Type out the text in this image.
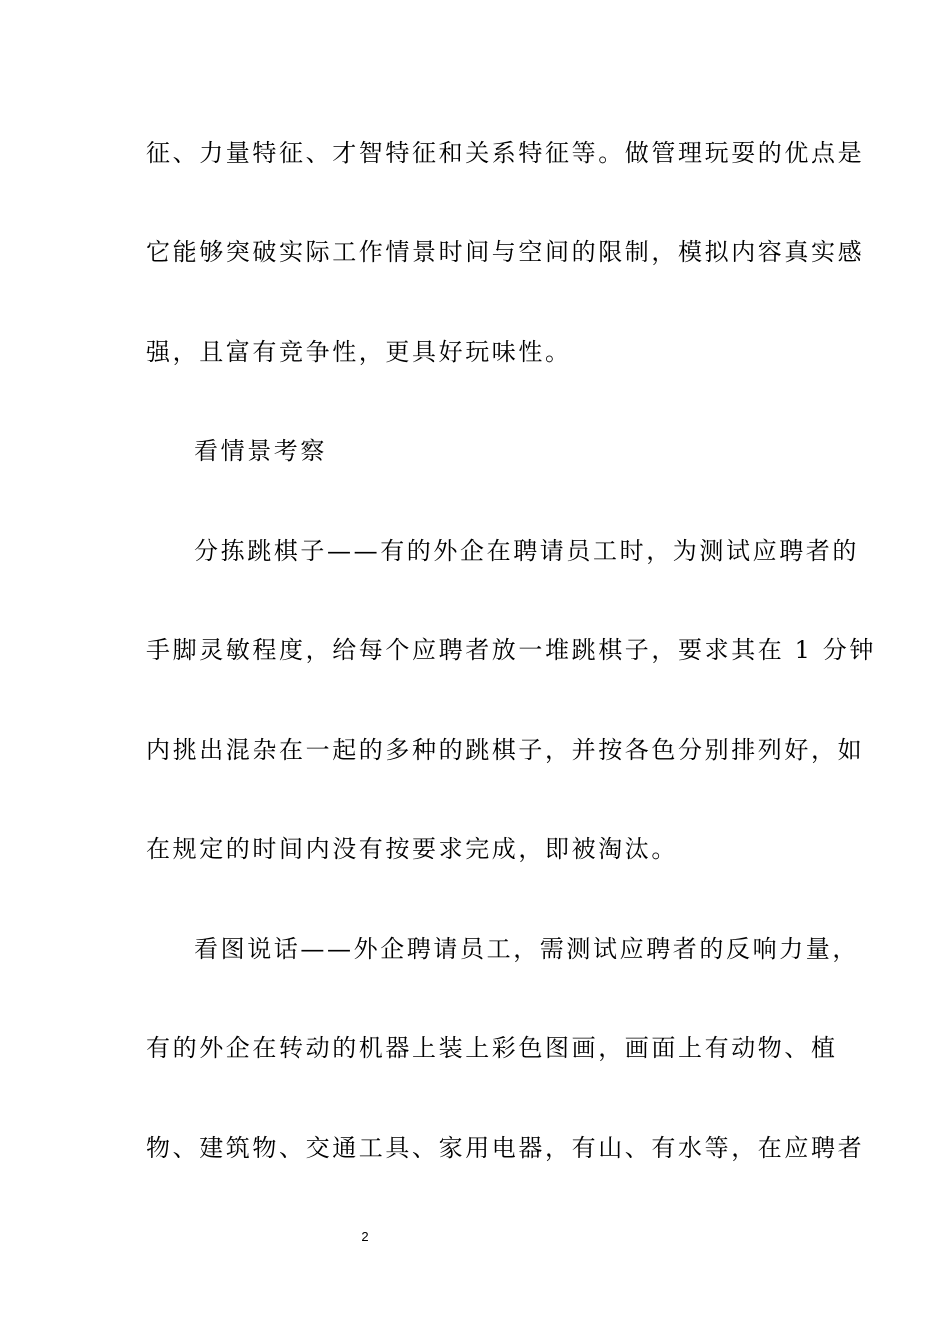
征、力量特征、才智特征和关系特征等。做管理玩耍的优点是
它能够突破实际工作情景时间与空间的限制，模拟内容真实感
强，且富有竞争性，更具好玩味性。
看情景考察
分拣跳棋子——有的外企在聘请员工时，为测试应聘者的
手脚灵敏程度，给每个应聘者放一堆跳棋子，要求其在 1 分钟
内挑出混杂在一起的多种的跳棋子，并按各色分别排列好，如
在规定的时间内没有按要求完成，即被淘汰。
看图说话——外企聘请员工，需测试应聘者的反响力量，
有的外企在转动的机器上装上彩色图画，画面上有动物、植
物、建筑物、交通工具、家用电器，有山、有水等，在应聘者
2
